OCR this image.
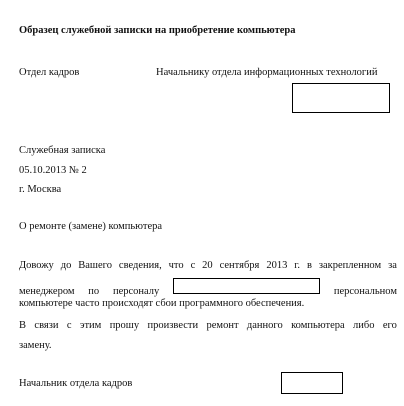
Образец служебной записки на приобретение компьютера
Отдел кадров	Начальнику отдела информационных технологий
Служебная записка
05.10.2013 № 2
г. Москва
О ремонте (замене) компьютера
Довожу до Вашего сведения, что с 20 сентября 2013 г. в закрепленном за
менеджером по персоналу	персональном
компьютере часто происходят сбои программного обеспечения.
В связи с этим прошу произвести ремонт данного компьютера либо его
замену.
Начальник отдела кадров
